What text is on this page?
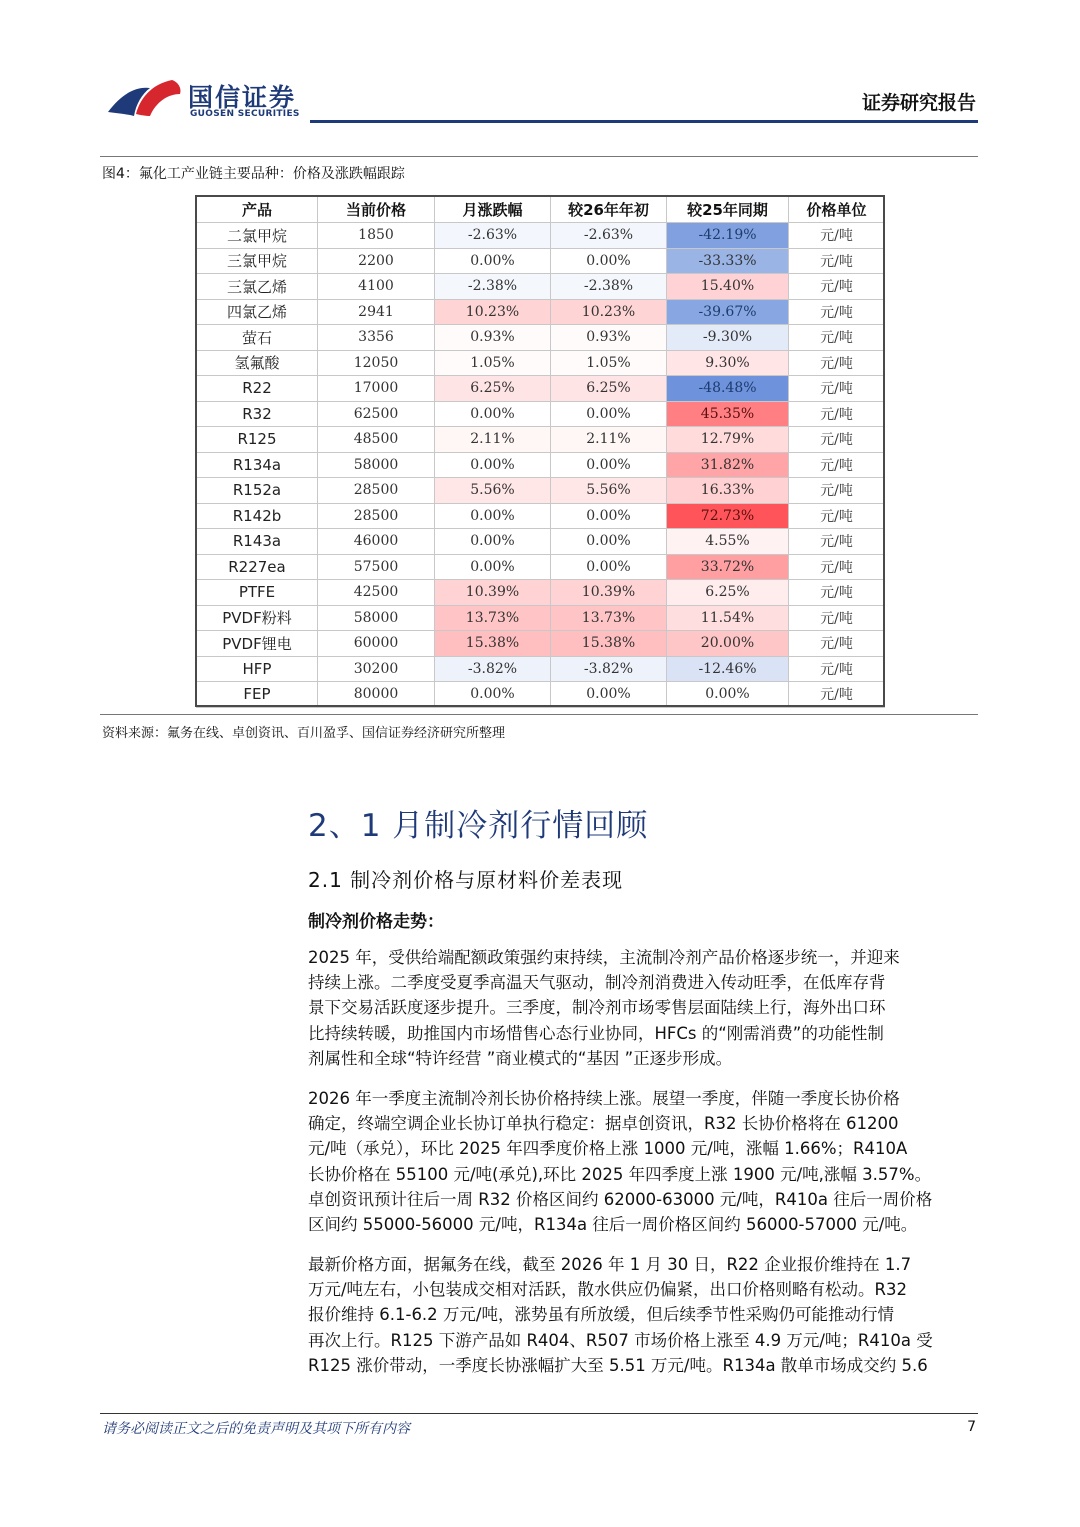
国信证券
GUOSEN SECURITIES	证券研究报告
图4：氟化工产业链主要品种：价格及涨跌幅跟踪
产品	当前价格	月涨跌幅	较26年年初	较25年同期	价格单位
二氯甲烷	1850	-2.63%	-2.63%	-42.19%	元/吨
三氯甲烷	2200	0.00%	0.00%	-33.33%	元/吨
三氯乙烯	4100	-2.38%	-2.38%	15.40%	元/吨
四氯乙烯	2941	10.23%	10.23%	-39.67%	元/吨
萤石	3356	0.93%	0.93%	-9.30%	元/吨
氢氟酸	12050	1.05%	1.05%	9.30%	元/吨
R22	17000	6.25%	6.25%	-48.48%	元/吨
R32	62500	0.00%	0.00%	45.35%	元/吨
R125	48500	2.11%	2.11%	12.79%	元/吨
R134a	58000	0.00%	0.00%	31.82%	元/吨
R152a	28500	5.56%	5.56%	16.33%	元/吨
R142b	28500	0.00%	0.00%	72.73%	元/吨
R143a	46000	0.00%	0.00%	4.55%	元/吨
R227ea	57500	0.00%	0.00%	33.72%	元/吨
PTFE	42500	10.39%	10.39%	6.25%	元/吨
PVDF粉料	58000	13.73%	13.73%	11.54%	元/吨
PVDF锂电	60000	15.38%	15.38%	20.00%	元/吨
HFP	30200	-3.82%	-3.82%	-12.46%	元/吨
FEP	80000	0.00%	0.00%	0.00%	元/吨
资料来源：氟务在线、卓创资讯、百川盈孚、国信证券经济研究所整理
2、1 月制冷剂行情回顾
2.1 制冷剂价格与原材料价差表现
制冷剂价格走势：
2025 年，受供给端配额政策强约束持续，主流制冷剂产品价格逐步统一，并迎来
持续上涨。二季度受夏季高温天气驱动，制冷剂消费进入传动旺季，在低库存背
景下交易活跃度逐步提升。三季度，制冷剂市场零售层面陆续上行，海外出口环
比持续转暖，助推国内市场惜售心态行业协同，HFCs 的“刚需消费”的功能性制
剂属性和全球“特许经营 ”商业模式的“基因 ”正逐步形成。
2026 年一季度主流制冷剂长协价格持续上涨。展望一季度，伴随一季度长协价格
确定，终端空调企业长协订单执行稳定：据卓创资讯，R32 长协价格将在 61200
元/吨（承兑），环比 2025 年四季度价格上涨 1000 元/吨，涨幅 1.66%；R410A
长协价格在 55100 元/吨(承兑),环比 2025 年四季度上涨 1900 元/吨,涨幅 3.57%。
卓创资讯预计往后一周 R32 价格区间约 62000-63000 元/吨，R410a 往后一周价格
区间约 55000-56000 元/吨，R134a 往后一周价格区间约 56000-57000 元/吨。
最新价格方面，据氟务在线，截至 2026 年 1 月 30 日，R22 企业报价维持在 1.7
万元/吨左右，小包装成交相对活跃，散水供应仍偏紧，出口价格则略有松动。R32
报价维持 6.1-6.2 万元/吨，涨势虽有所放缓，但后续季节性采购仍可能推动行情
再次上行。R125 下游产品如 R404、R507 市场价格上涨至 4.9 万元/吨；R410a 受
R125 涨价带动，一季度长协涨幅扩大至 5.51 万元/吨。R134a 散单市场成交约 5.6
请务必阅读正文之后的免责声明及其项下所有内容	7
